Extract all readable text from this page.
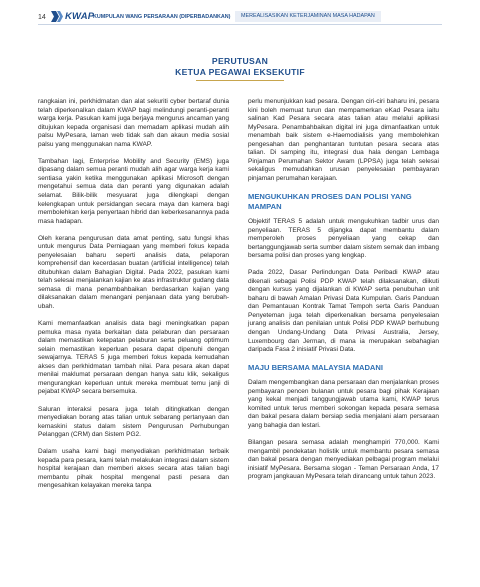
14 KWAP
KUMPULAN WANG PERSARAAN (DIPERBADANKAN)	MEREALISASIKAN KETERJAMINAN MASA HADAPAN
PERUTUSAN
KETUA PEGAWAI EKSEKUTIF

rangkaian ini, perkhidmatan dan alat sekuriti cyber bertaraf dunia telah diperkenalkan dalam KWAP bagi melindungi peranti-peranti warga kerja. Pasukan kami juga berjaya mengurus ancaman yang ditujukan kepada organisasi dan memadam aplikasi mudah alih palsu MyPesara, laman web tidak sah dan akaun media sosial palsu yang menggunakan nama KWAP.

Tambahan lagi, Enterprise Mobility and Security (EMS) juga dipasang dalam semua peranti mudah alih agar warga kerja kami sentiasa yakin ketika menggunakan aplikasi Microsoft dengan mengetahui semua data dan peranti yang digunakan adalah selamat. Bilik-bilik mesyuarat juga dilengkapi dengan kelengkapan untuk persidangan secara maya dan kamera bagi membolehkan kerja penyertaan hibrid dan keberkesanannya pada masa hadapan.

Oleh kerana pengurusan data amat penting, satu fungsi khas untuk mengurus Data Perniagaan yang memberi fokus kepada penyelesaian baharu seperti analisis data, pelaporan komprehensif dan kecerdasan buatan (artificial intelligence) telah ditubuhkan dalam Bahagian Digital. Pada 2022, pasukan kami telah selesai menjalankan kajian ke atas infrastruktur gudang data semasa di mana penambahbaikan berdasarkan kajian yang dilaksanakan dalam menangani penjanaan data yang berubah-ubah.

Kami memanfaatkan analisis data bagi meningkatkan papan pemuka masa nyata berkaitan data pelaburan dan persaraan dalam memastikan ketepatan pelaburan serta peluang optimum selain memastikan keperluan pesara dapat dipenuhi dengan sewajarnya. TERAS 5 juga memberi fokus kepada kemudahan akses dan perkhidmatan tambah nilai. Para pesara akan dapat menilai maklumat persaraan dengan hanya satu klik, sekaligus mengurangkan keperluan untuk mereka membuat temu janji di pejabat KWAP secara bersemuka.

Saluran interaksi pesara juga telah ditingkatkan dengan menyediakan borang atas talian untuk sebarang pertanyaan dan kemaskini status dalam sistem Pengurusan Perhubungan Pelanggan (CRM) dan Sistem PG2.

Dalam usaha kami bagi menyediakan perkhidmatan terbaik kepada para pesara, kami telah melakukan integrasi dalam sistem hospital kerajaan dan memberi akses secara atas talian bagi membantu pihak hospital mengenal pasti pesara dan mengesahkan kelayakan mereka tanpa

perlu menunjukkan kad pesara. Dengan ciri-ciri baharu ini, pesara kini boleh memuat turun dan mempamerkan eKad Pesara iaitu salinan Kad Pesara secara atas talian atau melalui aplikasi MyPesara. Penambahbaikan digital ini juga dimanfaatkan untuk menambah baik sistem e-Haemodialisis yang membolehkan pengesahan dan penghantaran tuntutan pesara secara atas talian. Di samping itu, integrasi dua hala dengan Lembaga Pinjaman Perumahan Sektor Awam (LPPSA) juga telah selesai sekaligus memudahkan urusan penyelesaian pembayaran pinjaman perumahan kerajaan.

MENGUKUHKAN PROSES DAN POLISI YANG MAMPAN

Objektif TERAS 5 adalah untuk mengukuhkan tadbir urus dan penyeliaan. TERAS 5 dijangka dapat membantu dalam memperoleh proses penyeliaan yang cekap dan bertanggungjawab serta sumber dalam sistem semak dan imbang bersama polisi dan proses yang lengkap.

Pada 2022, Dasar Perlindungan Data Peribadi KWAP atau dikenali sebagai Polisi PDP KWAP telah dilaksanakan, diikuti dengan kursus yang dijalankan di KWAP serta penubuhan unit baharu di bawah Amalan Privasi Data Kumpulan. Garis Panduan dan Pemantauan Kontrak Tamat Tempoh serta Garis Panduan Penyeteman juga telah diperkenalkan bersama penyelesaian jurang analisis dan penilaian untuk Polisi PDP KWAP berhubung dengan Undang-Undang Data Privasi Australia, Jersey, Luxembourg dan Jerman, di mana ia merupakan sebahagian daripada Fasa 2 inisiatif Privasi Data.

MAJU BERSAMA MALAYSIA MADANI

Dalam mengembangkan dana persaraan dan menjalankan proses pembayaran pencen bulanan untuk pesara bagi pihak Kerajaan yang kekal menjadi tanggungjawab utama kami, KWAP terus komited untuk terus memberi sokongan kepada pesara semasa dan bakal pesara dalam bersiap sedia menjalani alam persaraan yang bahagia dan lestari.

Bilangan pesara semasa adalah menghampiri 770,000. Kami mengambil pendekatan holistik untuk membantu pesara semasa dan bakal pesara dengan menyediakan pelbagai program melalui inisiatif MyPesara. Bersama slogan - Teman Persaraan Anda, 17 program jangkauan MyPesara telah dirancang untuk tahun 2023.
